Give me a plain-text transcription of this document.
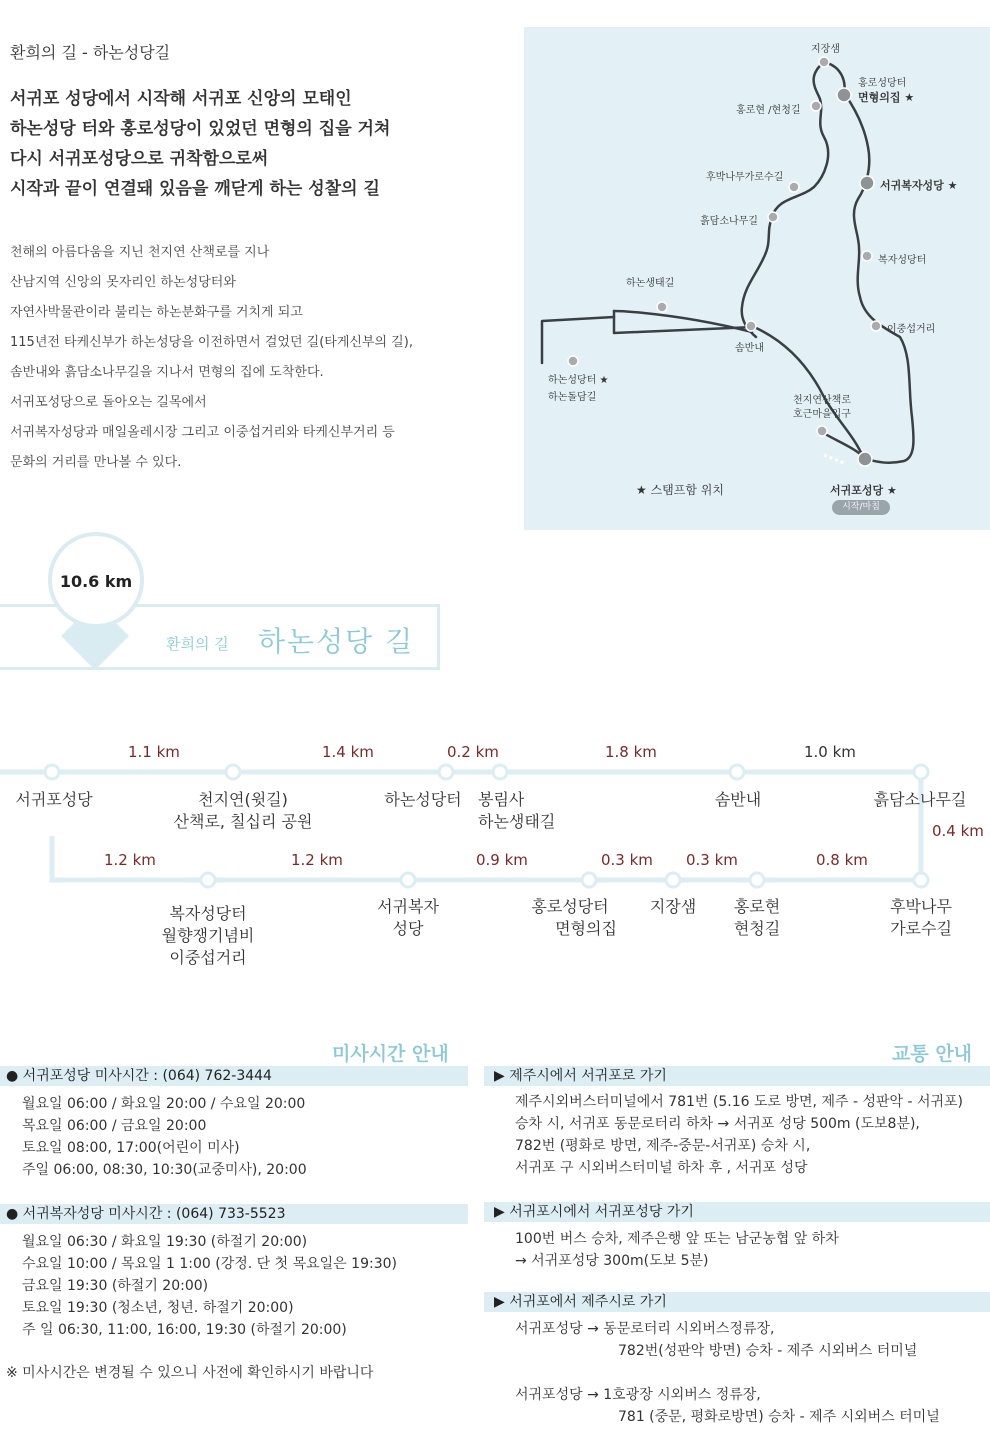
환희의 길 - 하논성당길
서귀포 성당에서 시작해 서귀포 신앙의 모태인
하논성당 터와 홍로성당이 있었던 면형의 집을 거쳐
다시 서귀포성당으로 귀착함으로써
시작과 끝이 연결돼 있음을 깨닫게 하는 성찰의 길
천해의 아름다움을 지닌 천지연 산책로를 지나
산남지역 신앙의 못자리인 하논성당터와
자연사박물관이라 불리는 하논분화구를 거치게 되고
115년전 타케신부가 하논성당을 이전하면서 걸었던 길(타게신부의 길),
솜반내와 흙담소나무길을 지나서 면형의 집에 도착한다.
서귀포성당으로 돌아오는 길목에서
서귀복자성당과 매일올레시장 그리고 이중섭거리와 타케신부거리 등
문화의 거리를 만나볼 수 있다.
지장샘
홍로성당터
면형의집 ★
홍로현 /현청길
후박나무가로수길
서귀복자성당 ★
흙담소나무길
복자성당터
하논생태길
이중섭거리
솜반내
하논성당터 ★
하논돌담길	천지연산책로
호근마을입구
★ 스탬프함 위치	서귀포성당 ★
시작/마침
10.6 km
환희의 길 하논성당 길
1.1 km	1.4 km	0.2 km	1.8 km	1.0 km
0.4 km
1.2 km	1.2 km	0.9 km	0.3 km 0.3 km	0.8 km
서귀포성당	천지연(윗길)
산책로, 칠십리 공원
하논성당터	봉림사
하논생태길
솜반내	흙담소나무길
복자성당터
월향쟁기념비
이중섭거리
서귀복자
성당
홍로성당터
면형의집
지장샘	홍로현
현청길
후박나무
가로수길
미사시간 안내
● 서귀포성당 미사시간 : (064) 762-3444
월요일 06:00 / 화요일 20:00 / 수요일 20:00
목요일 06:00 / 금요일 20:00
토요일 08:00, 17:00(어린이 미사)
주일 06:00, 08:30, 10:30(교중미사), 20:00
● 서귀복자성당 미사시간 : (064) 733-5523
월요일 06:30 / 화요일 19:30 (하절기 20:00)
수요일 10:00 / 목요일 1 1:00 (강정. 단 첫 목요일은 19:30)
금요일 19:30 (하절기 20:00)
토요일 19:30 (청소년, 청년. 하절기 20:00)
주 일 06:30, 11:00, 16:00, 19:30 (하절기 20:00)
※ 미사시간은 변경될 수 있으니 사전에 확인하시기 바랍니다
교통 안내
▶ 제주시에서 서귀포로 가기
제주시외버스터미널에서 781번 (5.16 도로 방면, 제주 - 성판악 - 서귀포)
승차 시, 서귀포 동문로터리 하차 → 서귀포 성당 500m (도보8분),
782번 (평화로 방면, 제주-중문-서귀포) 승차 시,
서귀포 구 시외버스터미널 하차 후 , 서귀포 성당
▶ 서귀포시에서 서귀포성당 가기
100번 버스 승차, 제주은행 앞 또는 남군농협 앞 하차
→ 서귀포성당 300m(도보 5분)
▶ 서귀포에서 제주시로 가기
서귀포성당 → 동문로터리 시외버스정류장,
782번(성판악 방면) 승차 - 제주 시외버스 터미널
서귀포성당 → 1호광장 시외버스 정류장,
781 (중문, 평화로방면) 승차 - 제주 시외버스 터미널
